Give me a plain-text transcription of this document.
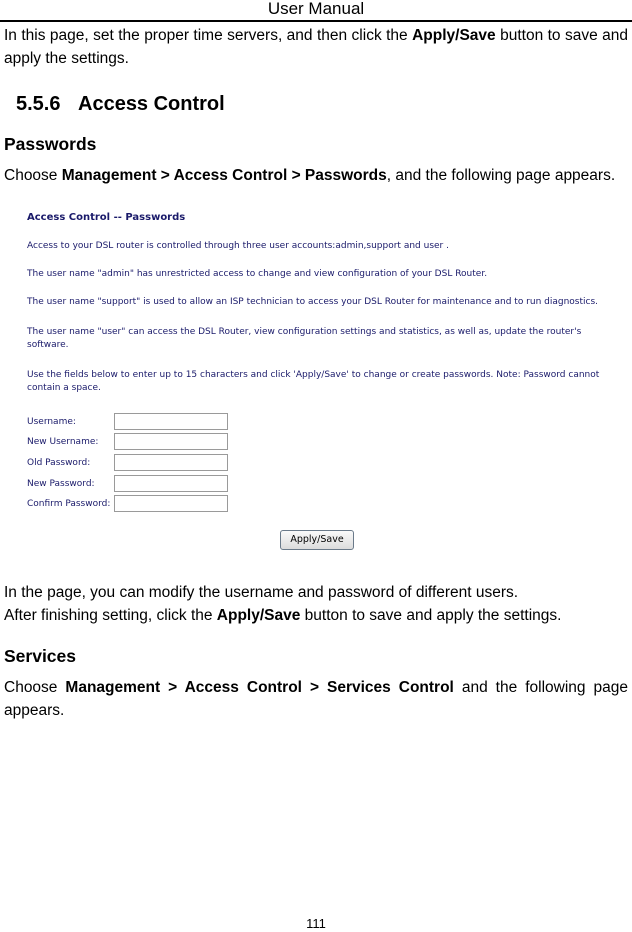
User Manual
In this page, set the proper time servers, and then click the Apply/Save button to save and apply the settings.
5.5.6 Access Control
Passwords
Choose Management > Access Control > Passwords, and the following page appears.
Access Control -- Passwords
Access to your DSL router is controlled through three user accounts:admin,support and user .
The user name "admin" has unrestricted access to change and view configuration of your DSL Router.
The user name "support" is used to allow an ISP technician to access your DSL Router for maintenance and to run diagnostics.
The user name "user" can access the DSL Router, view configuration settings and statistics, as well as, update the router's software.
Use the fields below to enter up to 15 characters and click 'Apply/Save' to change or create passwords. Note: Password cannot contain a space.
Username:
New Username:
Old Password:
New Password:
Confirm Password:
Apply/Save
In the page, you can modify the username and password of different users.
After finishing setting, click the Apply/Save button to save and apply the settings.
Services
Choose Management > Access Control > Services Control and the following page appears.
111
